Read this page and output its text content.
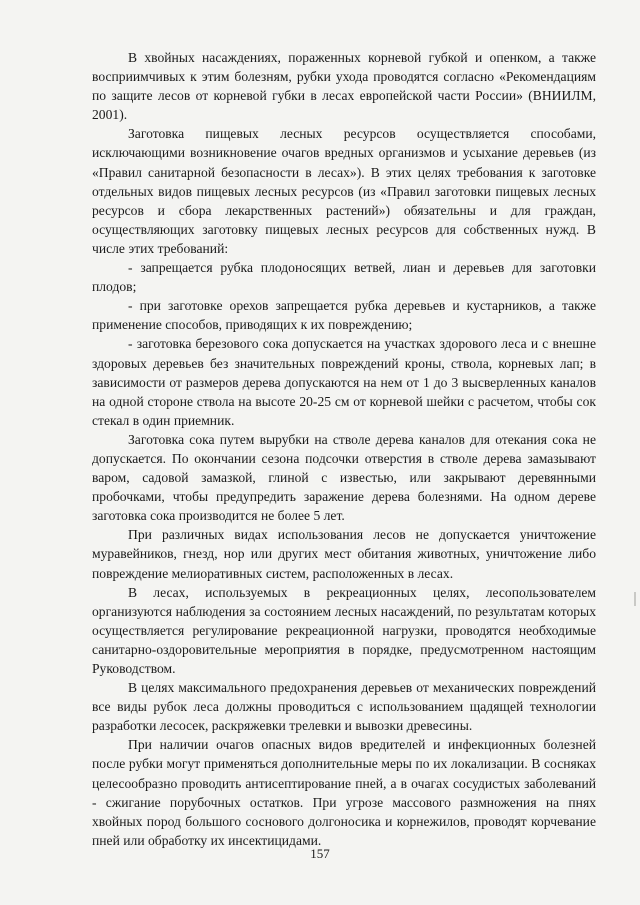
В хвойных насаждениях, пораженных корневой губкой и опенком, а также восприимчивых к этим болезням, рубки ухода проводятся согласно «Рекомендациям по защите лесов от корневой губки в лесах европейской части России» (ВНИИЛМ, 2001).

Заготовка пищевых лесных ресурсов осуществляется способами, исключающими возникновение очагов вредных организмов и усыхание деревьев (из «Правил санитарной безопасности в лесах»). В этих целях требования к заготовке отдельных видов пищевых лесных ресурсов (из «Правил заготовки пищевых лесных ресурсов и сбора лекарственных растений») обязательны и для граждан, осуществляющих заготовку пищевых лесных ресурсов для собственных нужд. В числе этих требований:

- запрещается рубка плодоносящих ветвей, лиан и деревьев для заготовки плодов;

- при заготовке орехов запрещается рубка деревьев и кустарников, а также применение способов, приводящих к их повреждению;

- заготовка березового сока допускается на участках здорового леса и с внешне здоровых деревьев без значительных повреждений кроны, ствола, корневых лап; в зависимости от размеров дерева допускаются на нем от 1 до 3 высверленных каналов на одной стороне ствола на высоте 20-25 см от корневой шейки с расчетом, чтобы сок стекал в один приемник.

Заготовка сока путем вырубки на стволе дерева каналов для отекания сока не допускается. По окончании сезона подсочки отверстия в стволе дерева замазывают варом, садовой замазкой, глиной с известью, или закрывают деревянными пробочками, чтобы предупредить заражение дерева болезнями. На одном дереве заготовка сока производится не более 5 лет.

При различных видах использования лесов не допускается уничтожение муравейников, гнезд, нор или других мест обитания животных, уничтожение либо повреждение мелиоративных систем, расположенных в лесах.

В лесах, используемых в рекреационных целях, лесопользователем организуются наблюдения за состоянием лесных насаждений, по результатам которых осуществляется регулирование рекреационной нагрузки, проводятся необходимые санитарно-оздоровительные мероприятия в порядке, предусмотренном настоящим Руководством.

В целях максимального предохранения деревьев от механических повреждений все виды рубок леса должны проводиться с использованием щадящей технологии разработки лесосек, раскряжевки трелевки и вывозки древесины.

При наличии очагов опасных видов вредителей и инфекционных болезней после рубки могут применяться дополнительные меры по их локализации. В сосняках целесообразно проводить антисептирование пней, а в очагах сосудистых заболеваний - сжигание порубочных остатков. При угрозе массового размножения на пнях хвойных пород большого соснового долгоносика и корнежилов, проводят корчевание пней или обработку их инсектицидами.

157
